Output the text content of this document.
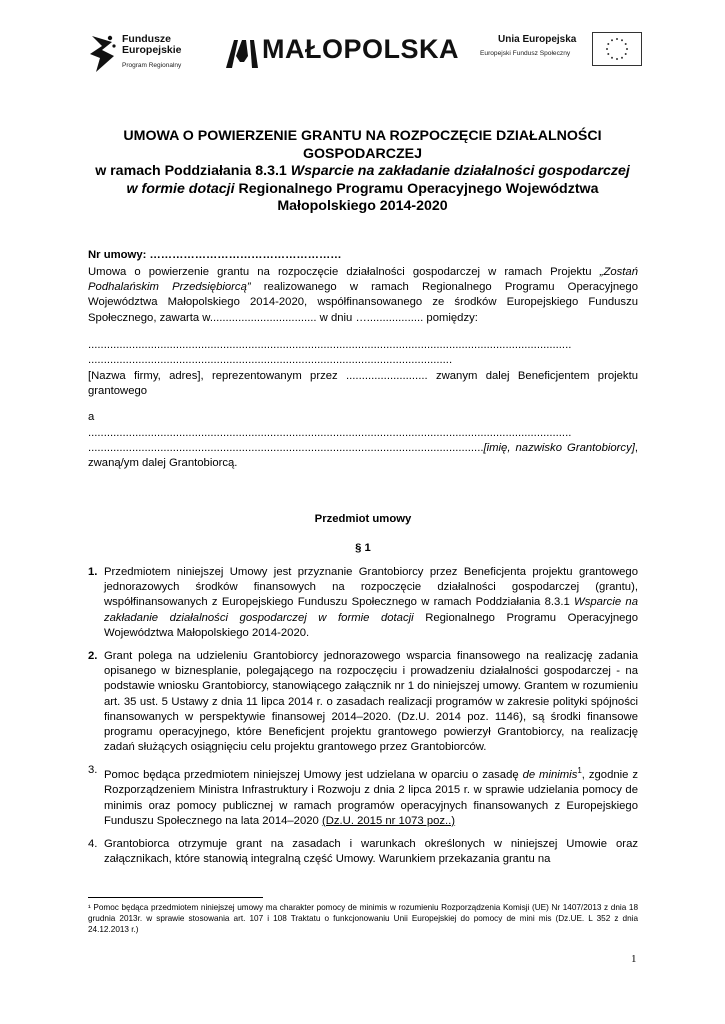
Fundusze
Europejskie
Program Regionalny
MAŁOPOLSKA	Unia Europejska
Europejski Fundusz Społeczny
UMOWA O POWIERZENIE GRANTU NA ROZPOCZĘCIE DZIAŁALNOŚCI
GOSPODARCZEJ
w ramach Poddziałania 8.3.1 Wsparcie na zakładanie działalności gospodarczej
w formie dotacji Regionalnego Programu Operacyjnego Województwa
Małopolskiego 2014-2020
Nr umowy: ……………………………………………
Umowa o powierzenie grantu na rozpoczęcie działalności gospodarczej w ramach Projektu „Zostań Podhalańskim Przedsiębiorcą” realizowanego w ramach Regionalnego Programu Operacyjnego Województwa Małopolskiego 2014-2020, współfinansowanego ze środków Europejskiego Funduszu Społecznego, zawarta w.................................. w dniu ….................. pomiędzy:
..........................................................................................................................................................
....................................................................................................................
[Nazwa firmy, adres], reprezentowanym przez .......................... zwanym dalej Beneficjentem projektu grantowego
a
..........................................................................................................................................................
..............................................................................................................................[imię, nazwisko Grantobiorcy], zwaną/ym dalej Grantobiorcą.
Przedmiot umowy
§ 1
1. Przedmiotem niniejszej Umowy jest przyznanie Grantobiorcy przez Beneficjenta projektu grantowego jednorazowych środków finansowych na rozpoczęcie działalności gospodarczej (grantu), współfinansowanych z Europejskiego Funduszu Społecznego w ramach Poddziałania 8.3.1 Wsparcie na zakładanie działalności gospodarczej w formie dotacji Regionalnego Programu Operacyjnego Województwa Małopolskiego 2014-2020.
2. Grant polega na udzieleniu Grantobiorcy jednorazowego wsparcia finansowego na realizację zadania opisanego w biznesplanie, polegającego na rozpoczęciu i prowadzeniu działalności gospodarczej - na podstawie wniosku Grantobiorcy, stanowiącego załącznik nr 1 do niniejszej umowy. Grantem w rozumieniu art. 35 ust. 5 Ustawy z dnia 11 lipca 2014 r. o zasadach realizacji programów w zakresie polityki spójności finansowanych w perspektywie finansowej 2014–2020. (Dz.U. 2014 poz. 1146), są środki finansowe programu operacyjnego, które Beneficjent projektu grantowego powierzył Grantobiorcy, na realizację zadań służących osiągnięciu celu projektu grantowego przez Grantobiorców.
3. Pomoc będąca przedmiotem niniejszej Umowy jest udzielana w oparciu o zasadę de minimis$^1$, zgodnie z Rozporządzeniem Ministra Infrastruktury i Rozwoju z dnia 2 lipca 2015 r. w sprawie udzielania pomocy de minimis oraz pomocy publicznej w ramach programów operacyjnych finansowanych z Europejskiego Funduszu Społecznego na lata 2014–2020 (Dz.U. 2015 nr 1073 poz..)
4. Grantobiorca otrzymuje grant na zasadach i warunkach określonych w niniejszej Umowie oraz załącznikach, które stanowią integralną część Umowy. Warunkiem przekazania grantu na
¹ Pomoc będąca przedmiotem niniejszej umowy ma charakter pomocy de minimis w rozumieniu Rozporządzenia Komisji (UE) Nr 1407/2013 z dnia 18 grudnia 2013r. w sprawie stosowania art. 107 i 108 Traktatu o funkcjonowaniu Unii Europejskiej do pomocy de mini mis (Dz.UE. L 352 z dnia 24.12.2013 r.)
1
